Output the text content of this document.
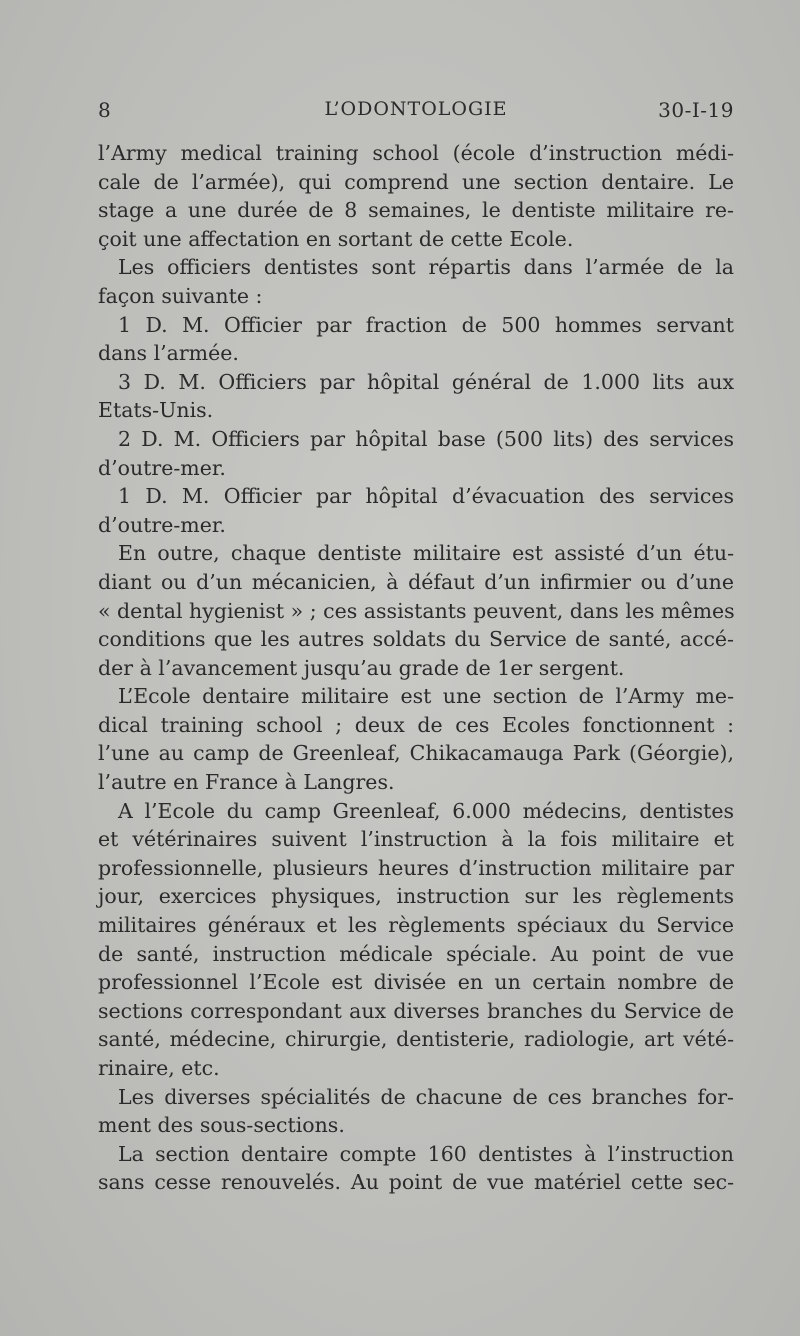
8	L’ODONTOLOGIE	30-I-19
l’Army medical training school (école d’instruction médi-
cale de l’armée), qui comprend une section dentaire. Le
stage a une durée de 8 semaines, le dentiste militaire re-
çoit une affectation en sortant de cette Ecole.
Les officiers dentistes sont répartis dans l’armée de la
façon suivante :
1 D. M. Officier par fraction de 500 hommes servant
dans l’armée.
3 D. M. Officiers par hôpital général de 1.000 lits aux
Etats-Unis.
2 D. M. Officiers par hôpital base (500 lits) des services
d’outre-mer.
1 D. M. Officier par hôpital d’évacuation des services
d’outre-mer.
En outre, chaque dentiste militaire est assisté d’un étu-
diant ou d’un mécanicien, à défaut d’un infirmier ou d’une
« dental hygienist » ; ces assistants peuvent, dans les mêmes
conditions que les autres soldats du Service de santé, accé-
der à l’avancement jusqu’au grade de 1er sergent.
L’Ecole dentaire militaire est une section de l’Army me-
dical training school ; deux de ces Ecoles fonctionnent :
l’une au camp de Greenleaf, Chikacamauga Park (Géorgie),
l’autre en France à Langres.
A l’Ecole du camp Greenleaf, 6.000 médecins, dentistes
et vétérinaires suivent l’instruction à la fois militaire et
professionnelle, plusieurs heures d’instruction militaire par
jour, exercices physiques, instruction sur les règlements
militaires généraux et les règlements spéciaux du Service
de santé, instruction médicale spéciale. Au point de vue
professionnel l’Ecole est divisée en un certain nombre de
sections correspondant aux diverses branches du Service de
santé, médecine, chirurgie, dentisterie, radiologie, art vété-
rinaire, etc.
Les diverses spécialités de chacune de ces branches for-
ment des sous-sections.
La section dentaire compte 160 dentistes à l’instruction
sans cesse renouvelés. Au point de vue matériel cette sec-
